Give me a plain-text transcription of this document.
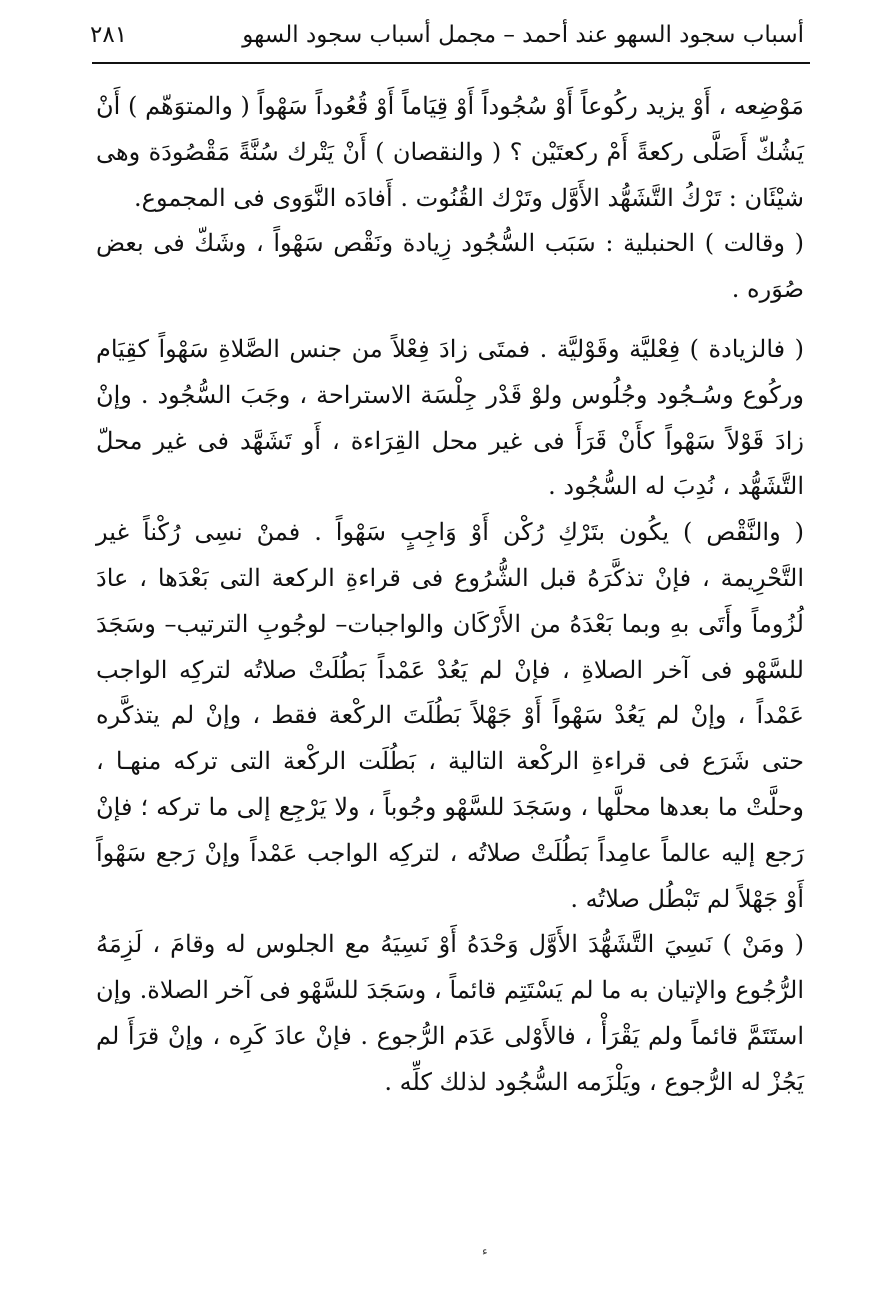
أسباب سجود السهو عند أحمد – مجمل أسباب سجود السهو
٢٨١

مَوْضِعه ، أَوْ يزيد ركُوعاً أَوْ سُجُوداً أَوْ قِيَاماً أَوْ قُعُوداً سَهْواً ( والمتوَهّم ) أَنْ يَشُكّ أَصَلَّى ركعةً أَمْ ركعتَيْن ؟ ( والنقصان ) أَنْ يَتْرك سُنَّةً مَقْصُودَة وهى شيْئَان : تَرْكُ التَّشَهُّد الأَوَّل وتَرْك القُنُوت . أَفادَه النَّوَوى فى المجموع.

( وقالت ) الحنبلية : سَبَب السُّجُود زِيادة ونَقْص سَهْواً ، وشَكّ فى بعض صُوَره .

( فالزيادة ) فِعْليَّة وقَوْليَّة . فمتَى زادَ فِعْلاً من جنس الصَّلاةِ سَهْواً كقِيَام وركُوع وسُـجُود وجُلُوس ولوْ قَدْر جِلْسَة الاستراحة ، وجَبَ السُّجُود . وإنْ زادَ قَوْلاً سَهْواً كأَنْ قَرَأَ فى غير محل القِرَاءة ، أَو تَشَهَّد فى غير محلّ التَّشَهُّد ، نُدِبَ له السُّجُود .

( والنَّقْص ) يكُون بتَرْكِ رُكْن أَوْ وَاجِبٍ سَهْواً . فمنْ نسِى رُكْناً غير التَّحْرِيمة ، فإنْ تذكَّرَهُ قبل الشُّرُوع فى قراءةِ الركعة التى بَعْدَها ، عادَ لُزُوماً وأَتَى بهِ وبما بَعْدَهُ من الأَرْكَان والواجبات– لوجُوبِ الترتيب– وسَجَدَ للسَّهْو فى آخر الصلاةِ ، فإنْ لم يَعُدْ عَمْداً بَطُلَتْ صلاتُه لتركِه الواجب عَمْداً ، وإنْ لم يَعُدْ سَهْواً أَوْ جَهْلاً بَطُلَتَ الركْعة فقط ، وإنْ لم يتذكَّره حتى شَرَع فى قراءةِ الركْعة التالية ، بَطُلَت الركْعة التى تركه منهـا ، وحلَّتْ ما بعدها محلَّها ، وسَجَدَ للسَّهْو وجُوباً ، ولا يَرْجِع إلى ما تركه ؛ فإنْ رَجع إليه عالماً عامِداً بَطُلَتْ صلاتُه ، لتركِه الواجب عَمْداً وإنْ رَجع سَهْواً أَوْ جَهْلاً لم تَبْطُل صلاتُه .

( ومَنْ ) نَسِيَ التَّشَهُّدَ الأَوَّل وَحْدَهُ أَوْ نَسِيَهُ مع الجلوس له وقامَ ، لَزِمَهُ الرُّجُوع والإتيان به ما لم يَسْتَتِم قائماً ، وسَجَدَ للسَّهْو فى آخر الصلاة. وإن استَتَمَّ قائماً ولم يَقْرَأْ ، فالأَوْلى عَدَم الرُّجوع . فإنْ عادَ كَرِه ، وإنْ قرَأَ لم يَجُزْ له الرُّجوع ، ويَلْزَمه السُّجُود لذلك كلِّه .

ء
